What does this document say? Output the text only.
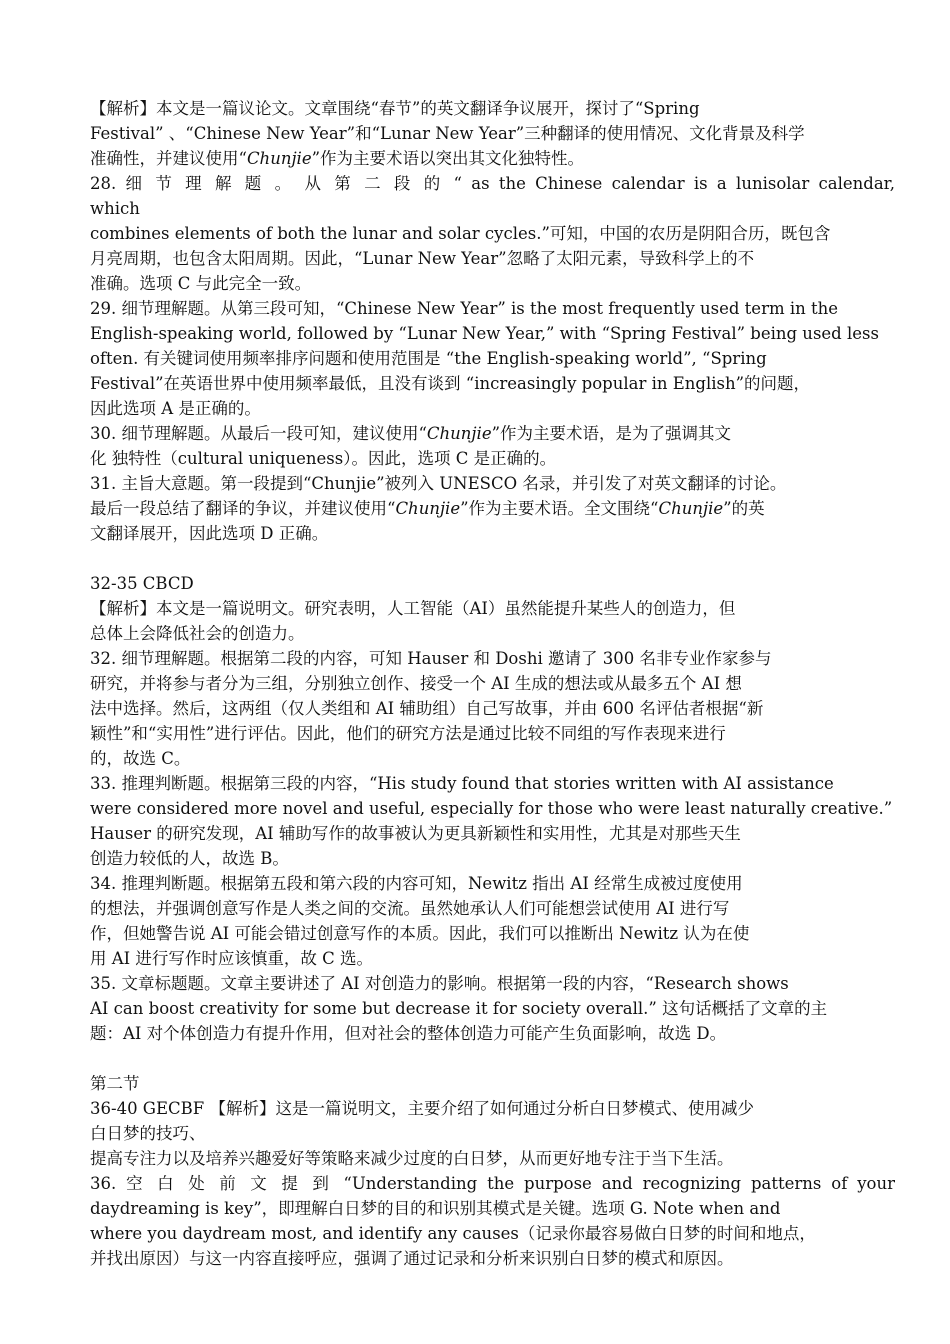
【解析】本文是一篇议论文。文章围绕“春节”的英文翻译争议展开，探讨了“Spring
Festival” 、“Chinese New Year”和“Lunar New Year”三种翻译的使用情况、文化背景及科学
准确性，并建议使用“Chunjie”作为主要术语以突出其文化独特性。
28. 细 节 理 解 题 。 从 第 二 段 的 “ as the Chinese calendar is a lunisolar calendar,
which
combines elements of both the lunar and solar cycles.”可知，中国的农历是阴阳合历，既包含
月亮周期，也包含太阳周期。因此，“Lunar New Year”忽略了太阳元素，导致科学上的不
准确。选项 C 与此完全一致。
29. 细节理解题。从第三段可知，“Chinese New Year” is the most frequently used term in the
English-speaking world, followed by “Lunar New Year,” with “Spring Festival” being used less
often. 有关键词使用频率排序问题和使用范围是 “the English-speaking world”, “Spring
Festival”在英语世界中使用频率最低，且没有谈到 “increasingly popular in English”的问题，
因此选项 A 是正确的。
30. 细节理解题。从最后一段可知，建议使用“Chunjie”作为主要术语，是为了强调其文
化 独特性（cultural uniqueness）。因此，选项 C 是正确的。
31. 主旨大意题。第一段提到“Chunjie”被列入 UNESCO 名录，并引发了对英文翻译的讨论。
最后一段总结了翻译的争议，并建议使用“Chunjie”作为主要术语。全文围绕“Chunjie”的英
文翻译展开，因此选项 D 正确。
32-35 CBCD
【解析】本文是一篇说明文。研究表明，人工智能（AI）虽然能提升某些人的创造力，但
总体上会降低社会的创造力。
32. 细节理解题。根据第二段的内容，可知 Hauser 和 Doshi 邀请了 300 名非专业作家参与
研究，并将参与者分为三组，分别独立创作、接受一个 AI 生成的想法或从最多五个 AI 想
法中选择。然后，这两组（仅人类组和 AI 辅助组）自己写故事，并由 600 名评估者根据“新
颖性”和“实用性”进行评估。因此，他们的研究方法是通过比较不同组的写作表现来进行
的，故选 C。
33. 推理判断题。根据第三段的内容，“His study found that stories written with AI assistance
were considered more novel and useful, especially for those who were least naturally creative.”
Hauser 的研究发现，AI 辅助写作的故事被认为更具新颖性和实用性，尤其是对那些天生
创造力较低的人，故选 B。
34. 推理判断题。根据第五段和第六段的内容可知，Newitz 指出 AI 经常生成被过度使用
的想法，并强调创意写作是人类之间的交流。虽然她承认人们可能想尝试使用 AI 进行写
作，但她警告说 AI 可能会错过创意写作的本质。因此，我们可以推断出 Newitz 认为在使
用 AI 进行写作时应该慎重，故 C 选。
35. 文章标题题。文章主要讲述了 AI 对创造力的影响。根据第一段的内容，“Research shows
AI can boost creativity for some but decrease it for society overall.” 这句话概括了文章的主
题：AI 对个体创造力有提升作用，但对社会的整体创造力可能产生负面影响，故选 D。
第二节
36-40 GECBF 【解析】这是一篇说明文，主要介绍了如何通过分析白日梦模式、使用减少
白日梦的技巧、
提高专注力以及培养兴趣爱好等策略来减少过度的白日梦，从而更好地专注于当下生活。
36. 空 白 处 前 文 提 到 “Understanding the purpose and recognizing patterns of your
daydreaming is key”，即理解白日梦的目的和识别其模式是关键。选项 G. Note when and
where you daydream most, and identify any causes（记录你最容易做白日梦的时间和地点，
并找出原因）与这一内容直接呼应，强调了通过记录和分析来识别白日梦的模式和原因。
